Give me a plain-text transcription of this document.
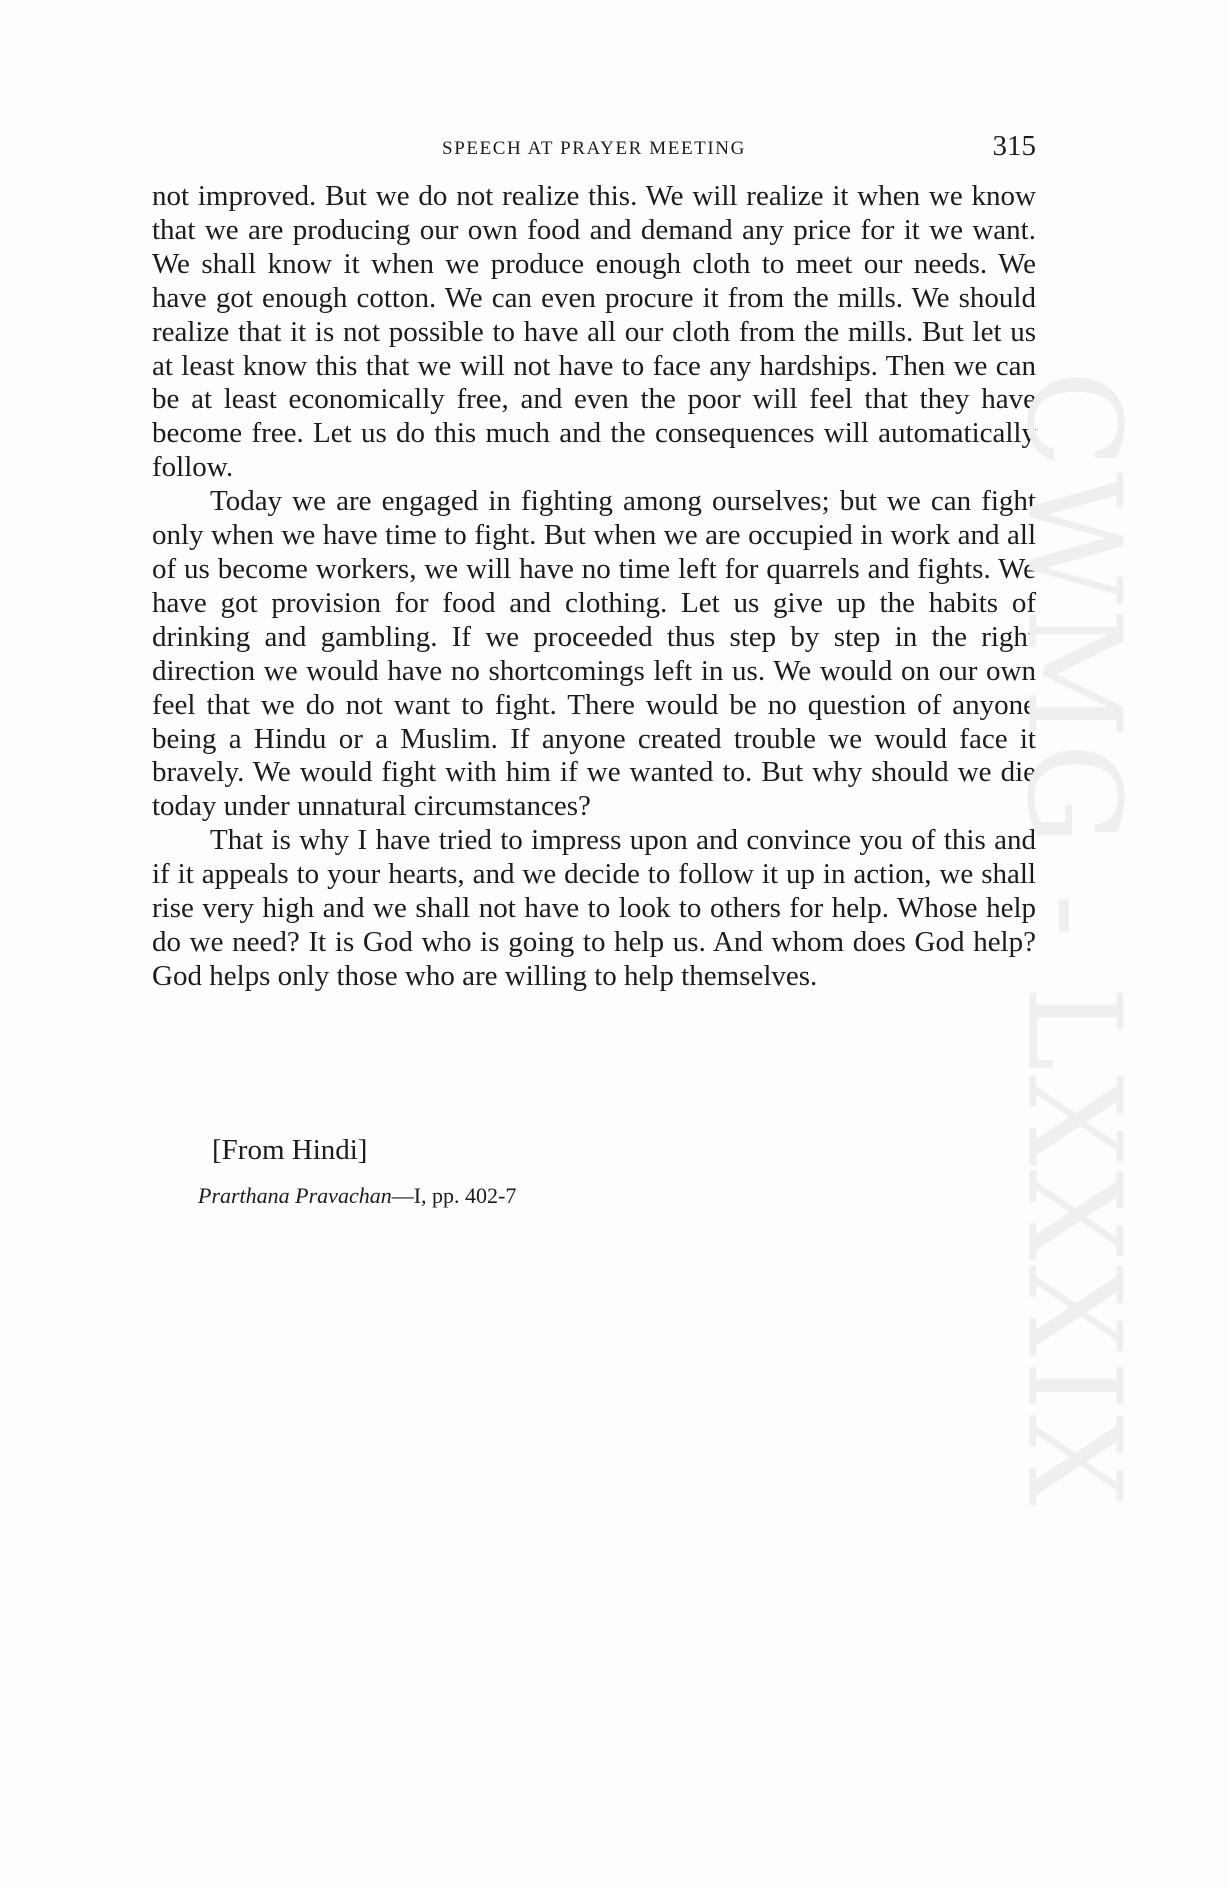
SPEECH AT PRAYER MEETING	315

not improved. But we do not realize this. We will realize it when we know that we are producing our own food and demand any price for it we want. We shall know it when we produce enough cloth to meet our needs. We have got enough cotton. We can even procure it from the mills. We should realize that it is not possible to have all our cloth from the mills. But let us at least know this that we will not have to face any hardships. Then we can be at least economically free, and even the poor will feel that they have become free. Let us do this much and the consequences will automatically follow.

Today we are engaged in fighting among ourselves; but we can fight only when we have time to fight. But when we are occupied in work and all of us become workers, we will have no time left for quarrels and fights. We have got provision for food and clothing. Let us give up the habits of drinking and gambling. If we proceeded thus step by step in the right direction we would have no shortcomings left in us. We would on our own feel that we do not want to fight. There would be no question of anyone being a Hindu or a Muslim. If anyone created trouble we would face it bravely. We would fight with him if we wanted to. But why should we die today under unnatural circumstances?

That is why I have tried to impress upon and convince you of this and if it appeals to your hearts, and we decide to follow it up in action, we shall rise very high and we shall not have to look to others for help. Whose help do we need? It is God who is going to help us. And whom does God help? God helps only those who are willing to help themselves.

[From Hindi]
Prarthana Pravachan—I, pp. 402-7	CWMG - LXXXIX
